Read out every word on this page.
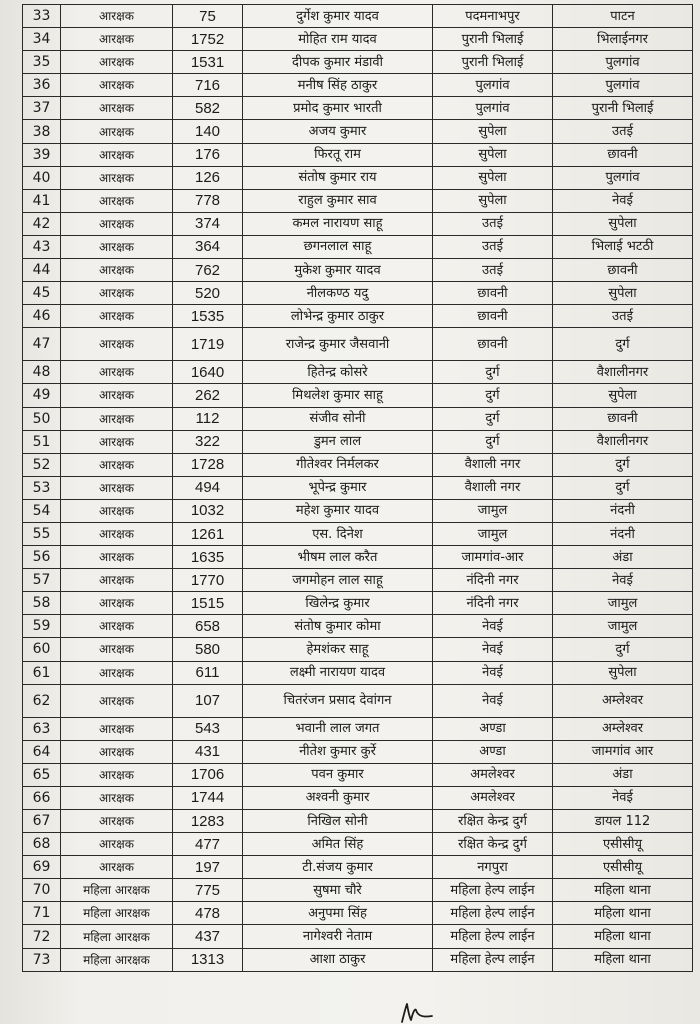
33	आरक्षक	75	दुर्गेश कुमार यादव	पदमनाभपुर	पाटन
34	आरक्षक	1752	मोहित राम यादव	पुरानी भिलाई	भिलाईनगर
35	आरक्षक	1531	दीपक कुमार मंडावी	पुरानी भिलाई	पुलगांव
36	आरक्षक	716	मनीष सिंह ठाकुर	पुलगांव	पुलगांव
37	आरक्षक	582	प्रमोद कुमार भारती	पुलगांव	पुरानी भिलाई
38	आरक्षक	140	अजय कुमार	सुपेला	उतई
39	आरक्षक	176	फिरतू राम	सुपेला	छावनी
40	आरक्षक	126	संतोष कुमार राय	सुपेला	पुलगांव
41	आरक्षक	778	राहुल कुमार साव	सुपेला	नेवई
42	आरक्षक	374	कमल नारायण साहू	उतई	सुपेला
43	आरक्षक	364	छगनलाल साहू	उतई	भिलाई भटठी
44	आरक्षक	762	मुकेश कुमार यादव	उतई	छावनी
45	आरक्षक	520	नीलकण्ठ यदु	छावनी	सुपेला
46	आरक्षक	1535	लोभेन्द्र कुमार ठाकुर	छावनी	उतई
47	आरक्षक	1719	राजेन्द्र कुमार जैसवानी	छावनी	दुर्ग
48	आरक्षक	1640	हितेन्द्र कोसरे	दुर्ग	वैशालीनगर
49	आरक्षक	262	मिथलेश कुमार साहू	दुर्ग	सुपेला
50	आरक्षक	112	संजीव सोनी	दुर्ग	छावनी
51	आरक्षक	322	डुमन लाल	दुर्ग	वैशालीनगर
52	आरक्षक	1728	गीतेश्वर निर्मलकर	वैशाली नगर	दुर्ग
53	आरक्षक	494	भूपेन्द्र कुमार	वैशाली नगर	दुर्ग
54	आरक्षक	1032	महेश कुमार यादव	जामुल	नंदनी
55	आरक्षक	1261	एस. दिनेश	जामुल	नंदनी
56	आरक्षक	1635	भीषम लाल करैत	जामगांव-आर	अंडा
57	आरक्षक	1770	जगमोहन लाल साहू	नंदिनी नगर	नेवई
58	आरक्षक	1515	खिलेन्द्र कुमार	नंदिनी नगर	जामुल
59	आरक्षक	658	संतोष कुमार कोमा	नेवई	जामुल
60	आरक्षक	580	हेमशंकर साहू	नेवई	दुर्ग
61	आरक्षक	611	लक्ष्मी नारायण यादव	नेवई	सुपेला
62	आरक्षक	107	चितरंजन प्रसाद देवांगन	नेवई	अम्लेश्वर
63	आरक्षक	543	भवानी लाल जगत	अण्डा	अम्लेश्वर
64	आरक्षक	431	नीतेश कुमार कुर्रे	अण्डा	जामगांव आर
65	आरक्षक	1706	पवन कुमार	अमलेश्वर	अंडा
66	आरक्षक	1744	अश्वनी कुमार	अमलेश्वर	नेवई
67	आरक्षक	1283	निखिल सोनी	रक्षित केन्द्र दुर्ग	डायल 112
68	आरक्षक	477	अमित सिंह	रक्षित केन्द्र दुर्ग	एसीसीयू
69	आरक्षक	197	टी.संजय कुमार	नगपुरा	एसीसीयू
70	महिला आरक्षक	775	सुषमा चौरे	महिला हेल्प लाईन	महिला थाना
71	महिला आरक्षक	478	अनुपमा सिंह	महिला हेल्प लाईन	महिला थाना
72	महिला आरक्षक	437	नागेश्वरी नेताम	महिला हेल्प लाईन	महिला थाना
73	महिला आरक्षक	1313	आशा ठाकुर	महिला हेल्प लाईन	महिला थाना
